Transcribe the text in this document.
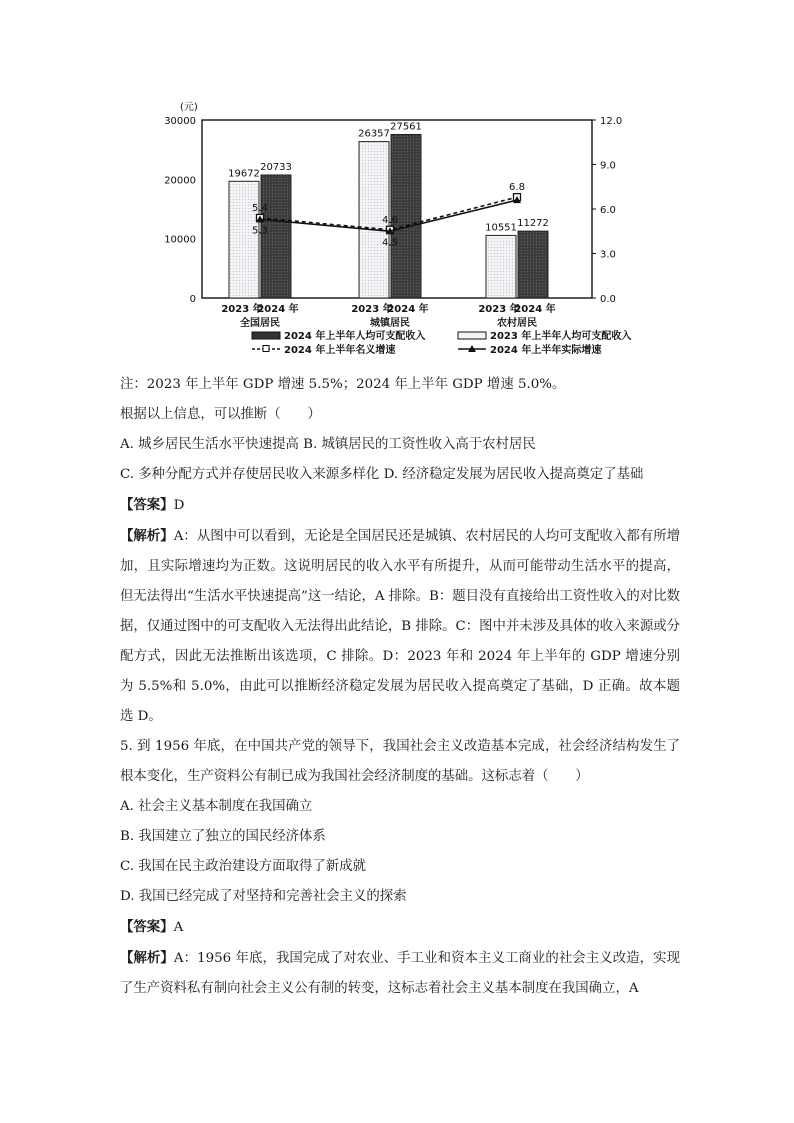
(元)
0
10000
20000
30000
0.0
3.0
6.0
9.0
12.0
19672
20733
2023 年
2024 年
全国居民
26357
27561
2023 年
2024 年
城镇居民
10551 11272
2023 年
2024 年
农村居民
5.4
4.6
6.8
5.3
4.5
2024 年上半年人均可支配收入	2023 年上半年人均可支配收入
2024 年上半年名义增速	2024 年上半年实际增速

注：2023 年上半年 GDP 增速 5.5%；2024 年上半年 GDP 增速 5.0%。

根据以上信息，可以推断（　　）

A. 城乡居民生活水平快速提高 B. 城镇居民的工资性收入高于农村居民

C. 多种分配方式并存使居民收入来源多样化 D. 经济稳定发展为居民收入提高奠定了基础

【答案】D

【解析】A：从图中可以看到，无论是全国居民还是城镇、农村居民的人均可支配收入都有所增加，且实际增速均为正数。这说明居民的收入水平有所提升，从而可能带动生活水平的提高，但无法得出“生活水平快速提高”这一结论，A 排除。B：题目没有直接给出工资性收入的对比数据，仅通过图中的可支配收入无法得出此结论，B 排除。C：图中并未涉及具体的收入来源或分配方式，因此无法推断出该选项，C 排除。D：2023 年和 2024 年上半年的 GDP 增速分别为 5.5%和 5.0%，由此可以推断经济稳定发展为居民收入提高奠定了基础，D 正确。故本题选 D。

5. 到 1956 年底，在中国共产党的领导下，我国社会主义改造基本完成，社会经济结构发生了根本变化，生产资料公有制已成为我国社会经济制度的基础。这标志着（　　）

A. 社会主义基本制度在我国确立

B. 我国建立了独立的国民经济体系

C. 我国在民主政治建设方面取得了新成就

D. 我国已经完成了对坚持和完善社会主义的探索

【答案】A

【解析】A：1956 年底，我国完成了对农业、手工业和资本主义工商业的社会主义改造，实现了生产资料私有制向社会主义公有制的转变，这标志着社会主义基本制度在我国确立，A
